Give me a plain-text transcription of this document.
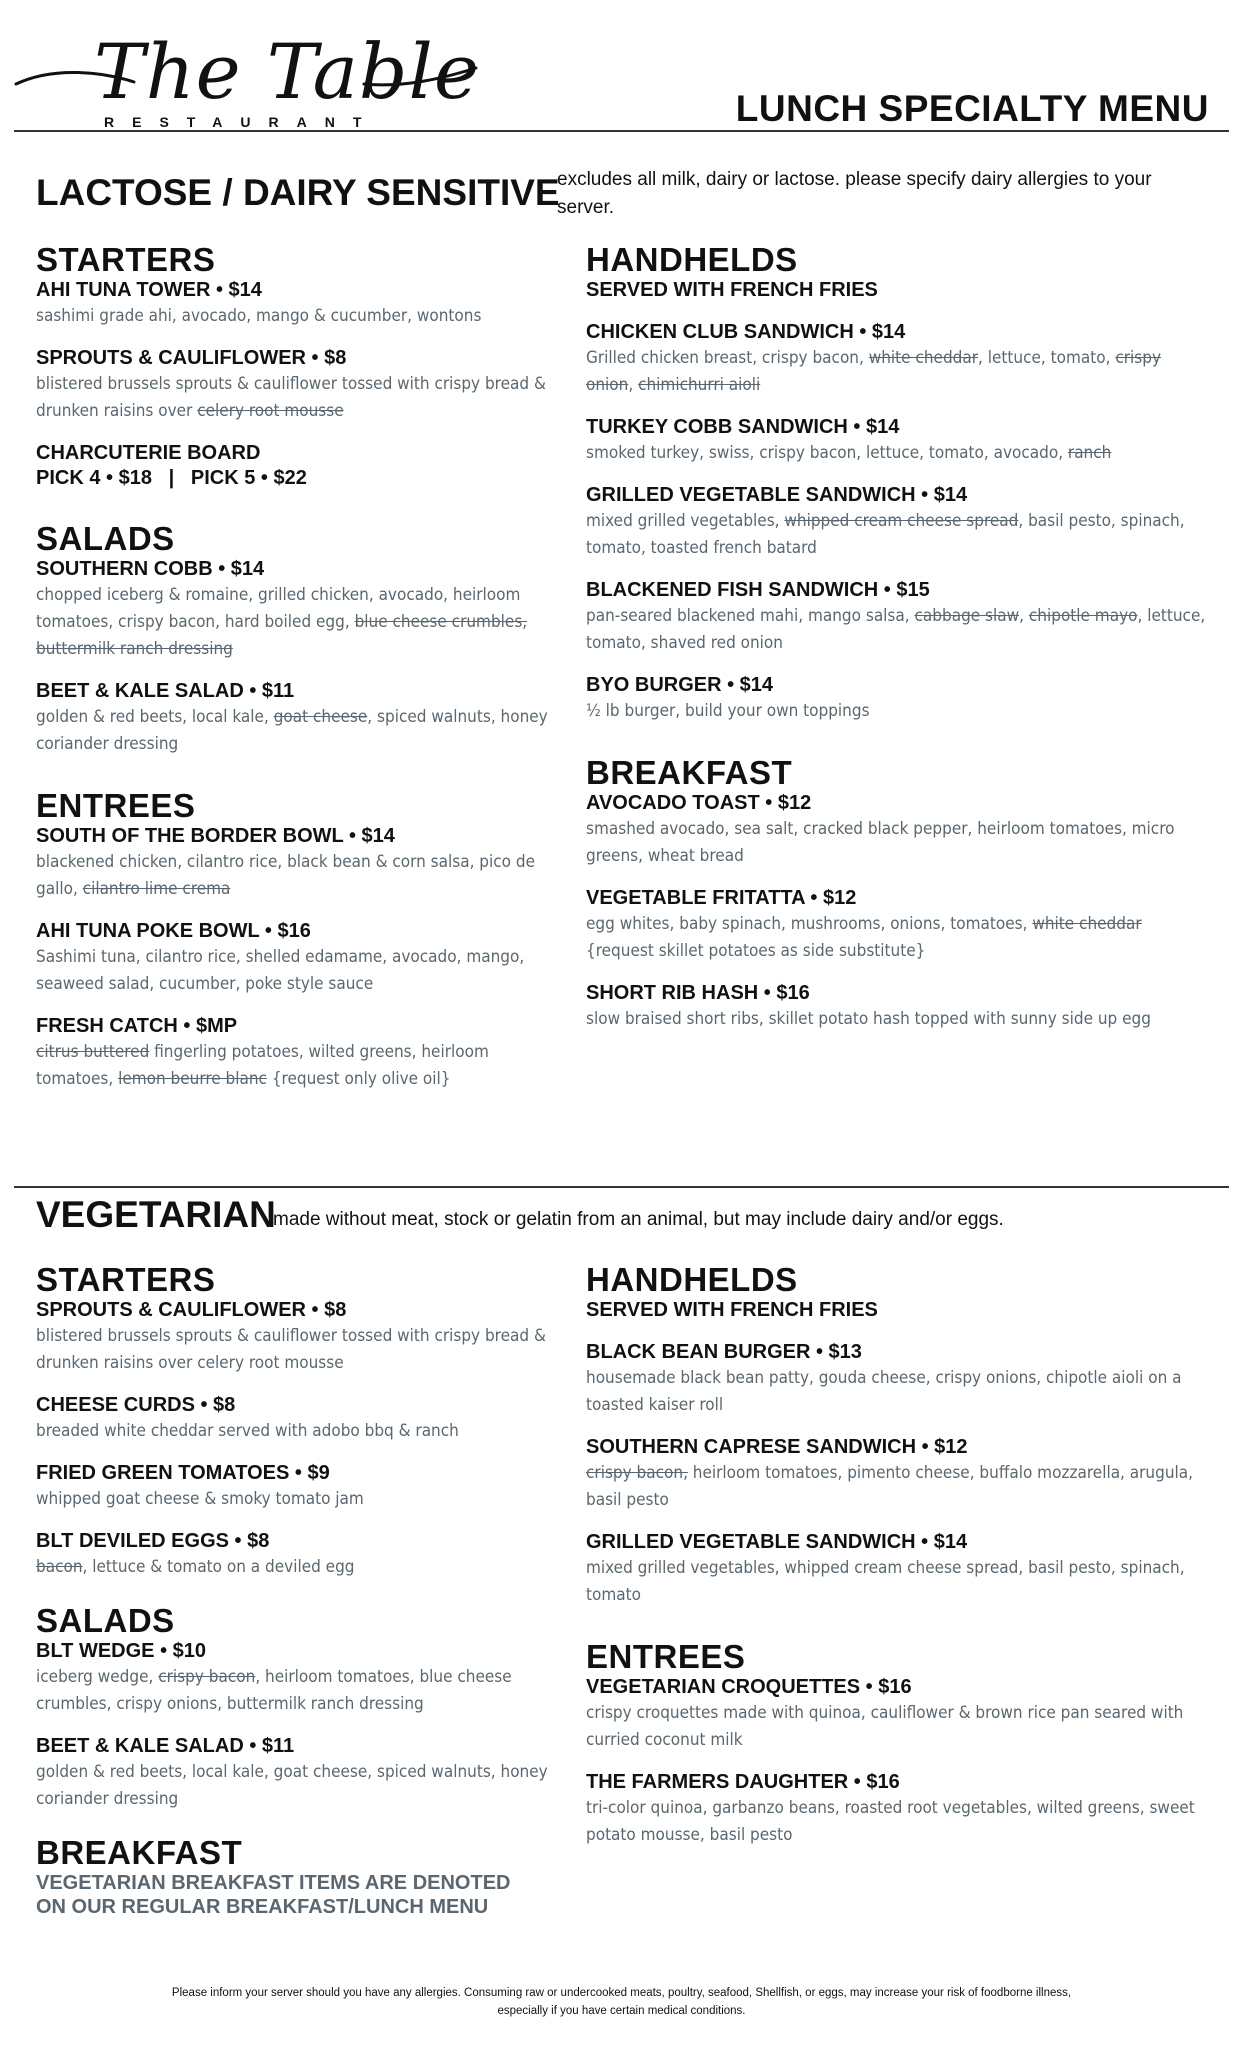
The Table
RESTAURANT	LUNCH SPECIALTY MENU
LACTOSE / DAIRY SENSITIVE
excludes all milk, dairy or lactose. please specify dairy allergies to your server.
STARTERS
AHI TUNA TOWER • $14
sashimi grade ahi, avocado, mango & cucumber, wontons
SPROUTS & CAULIFLOWER • $8
blistered brussels sprouts & cauliflower tossed with crispy bread & drunken raisins over celery root mousse
CHARCUTERIE BOARD
PICK 4 • $18   |   PICK 5 • $22
SALADS
SOUTHERN COBB • $14
chopped iceberg & romaine, grilled chicken, avocado, heirloom tomatoes, crispy bacon, hard boiled egg, blue cheese crumbles, buttermilk ranch dressing
BEET & KALE SALAD • $11
golden & red beets, local kale, goat cheese, spiced walnuts, honey coriander dressing
ENTREES
SOUTH OF THE BORDER BOWL • $14
blackened chicken, cilantro rice, black bean & corn salsa, pico de gallo, cilantro lime crema
AHI TUNA POKE BOWL • $16
Sashimi tuna, cilantro rice, shelled edamame, avocado, mango, seaweed salad, cucumber, poke style sauce
FRESH CATCH • $MP
citrus buttered fingerling potatoes, wilted greens, heirloom tomatoes, lemon beurre blanc {request only olive oil}
HANDHELDS
SERVED WITH FRENCH FRIES
CHICKEN CLUB SANDWICH • $14
Grilled chicken breast, crispy bacon, white cheddar, lettuce, tomato, crispy onion, chimichurri aioli
TURKEY COBB SANDWICH • $14
smoked turkey, swiss, crispy bacon, lettuce, tomato, avocado, ranch
GRILLED VEGETABLE SANDWICH • $14
mixed grilled vegetables, whipped cream cheese spread, basil pesto, spinach, tomato, toasted french batard
BLACKENED FISH SANDWICH • $15
pan-seared blackened mahi, mango salsa, cabbage slaw, chipotle mayo, lettuce, tomato, shaved red onion
BYO BURGER • $14
½ lb burger, build your own toppings
BREAKFAST
AVOCADO TOAST • $12
smashed avocado, sea salt, cracked black pepper, heirloom tomatoes, micro greens, wheat bread
VEGETABLE FRITATTA • $12
egg whites, baby spinach, mushrooms, onions, tomatoes, white cheddar {request skillet potatoes as side substitute}
SHORT RIB HASH • $16
slow braised short ribs, skillet potato hash topped with sunny side up egg
VEGETARIAN
made without meat, stock or gelatin from an animal, but may include dairy and/or eggs.
STARTERS
SPROUTS & CAULIFLOWER • $8
blistered brussels sprouts & cauliflower tossed with crispy bread & drunken raisins over celery root mousse
CHEESE CURDS • $8
breaded white cheddar served with adobo bbq & ranch
FRIED GREEN TOMATOES • $9
whipped goat cheese & smoky tomato jam
BLT DEVILED EGGS • $8
bacon, lettuce & tomato on a deviled egg
SALADS
BLT WEDGE • $10
iceberg wedge, crispy bacon, heirloom tomatoes, blue cheese crumbles, crispy onions, buttermilk ranch dressing
BEET & KALE SALAD • $11
golden & red beets, local kale, goat cheese, spiced walnuts, honey coriander dressing
BREAKFAST
VEGETARIAN BREAKFAST ITEMS ARE DENOTED ON OUR REGULAR BREAKFAST/LUNCH MENU
HANDHELDS
SERVED WITH FRENCH FRIES
BLACK BEAN BURGER • $13
housemade black bean patty, gouda cheese, crispy onions, chipotle aioli on a toasted kaiser roll
SOUTHERN CAPRESE SANDWICH • $12
crispy bacon, heirloom tomatoes, pimento cheese, buffalo mozzarella, arugula, basil pesto
GRILLED VEGETABLE SANDWICH • $14
mixed grilled vegetables, whipped cream cheese spread, basil pesto, spinach, tomato
ENTREES
VEGETARIAN CROQUETTES • $16
crispy croquettes made with quinoa, cauliflower & brown rice pan seared with curried coconut milk
THE FARMERS DAUGHTER • $16
tri-color quinoa, garbanzo beans, roasted root vegetables, wilted greens, sweet potato mousse, basil pesto
Please inform your server should you have any allergies. Consuming raw or undercooked meats, poultry, seafood, Shellfish, or eggs, may increase your risk of foodborne illness,
especially if you have certain medical conditions.
